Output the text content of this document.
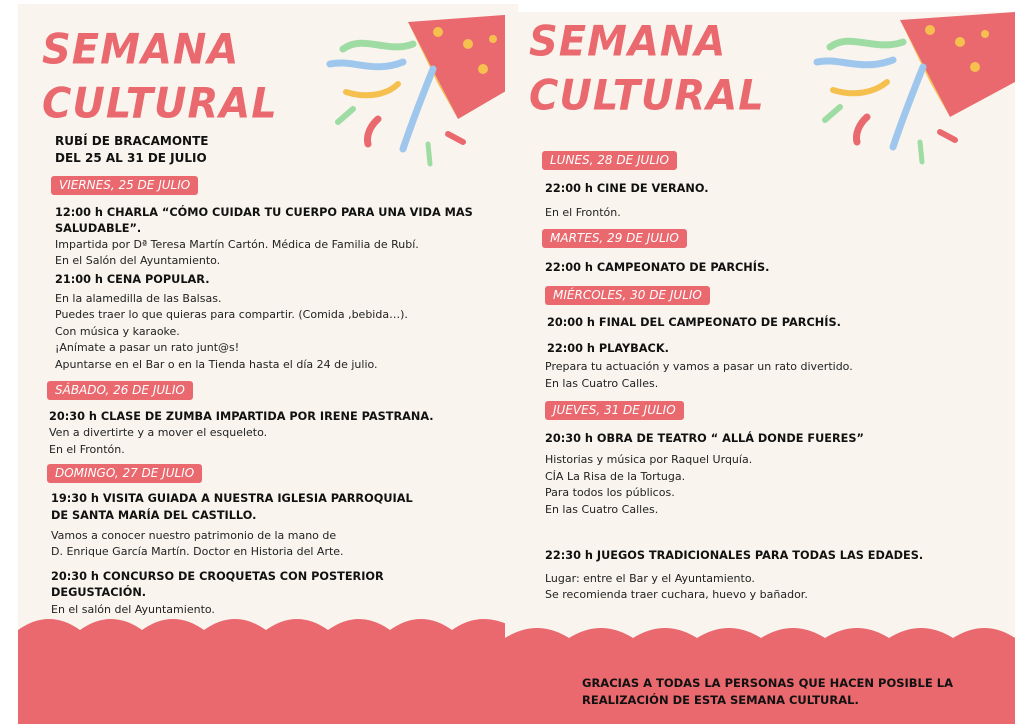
SEMANA
CULTURAL
RUBÍ DE BRACAMONTE
DEL 25 AL 31 DE JULIO
VIERNES, 25 DE JULIO
12:00 h CHARLA “CÓMO CUIDAR TU CUERPO PARA UNA VIDA MAS
SALUDABLE”.
Impartida por Dª Teresa Martín Cartón. Médica de Familia de Rubí.
En el Salón del Ayuntamiento.
21:00 h CENA POPULAR.
En la alamedilla de las Balsas.
Puedes traer lo que quieras para compartir. (Comida ,bebida…).
Con música y karaoke.
¡Anímate a pasar un rato junt@s!
Apuntarse en el Bar o en la Tienda hasta el día 24 de julio.
SÁBADO, 26 DE JULIO
20:30 h CLASE DE ZUMBA IMPARTIDA POR IRENE PASTRANA.
Ven a divertirte y a mover el esqueleto.
En el Frontón.
DOMINGO, 27 DE JULIO
19:30 h VISITA GUIADA A NUESTRA IGLESIA PARROQUIAL
DE SANTA MARÍA DEL CASTILLO.
Vamos a conocer nuestro patrimonio de la mano de
D. Enrique García Martín. Doctor en Historia del Arte.
20:30 h CONCURSO DE CROQUETAS CON POSTERIOR
DEGUSTACIÓN.
En el salón del Ayuntamiento.
SEMANA
CULTURAL
LUNES, 28 DE JULIO
22:00 h CINE DE VERANO.
En el Frontón.
MARTES, 29 DE JULIO
22:00 h CAMPEONATO DE PARCHÍS.
MIÉRCOLES, 30 DE JULIO
20:00 h FINAL DEL CAMPEONATO DE PARCHÍS.
22:00 h PLAYBACK.
Prepara tu actuación y vamos a pasar un rato divertido.
En las Cuatro Calles.
JUEVES, 31 DE JULIO
20:30 h OBRA DE TEATRO “ ALLÁ DONDE FUERES”
Historias y música por Raquel Urquía.
CÍA La Risa de la Tortuga.
Para todos los públicos.
En las Cuatro Calles.
22:30 h JUEGOS TRADICIONALES PARA TODAS LAS EDADES.
Lugar: entre el Bar y el Ayuntamiento.
Se recomienda traer cuchara, huevo y bañador.
GRACIAS A TODAS LA PERSONAS QUE HACEN POSIBLE LA
REALIZACIÓN DE ESTA SEMANA CULTURAL.
